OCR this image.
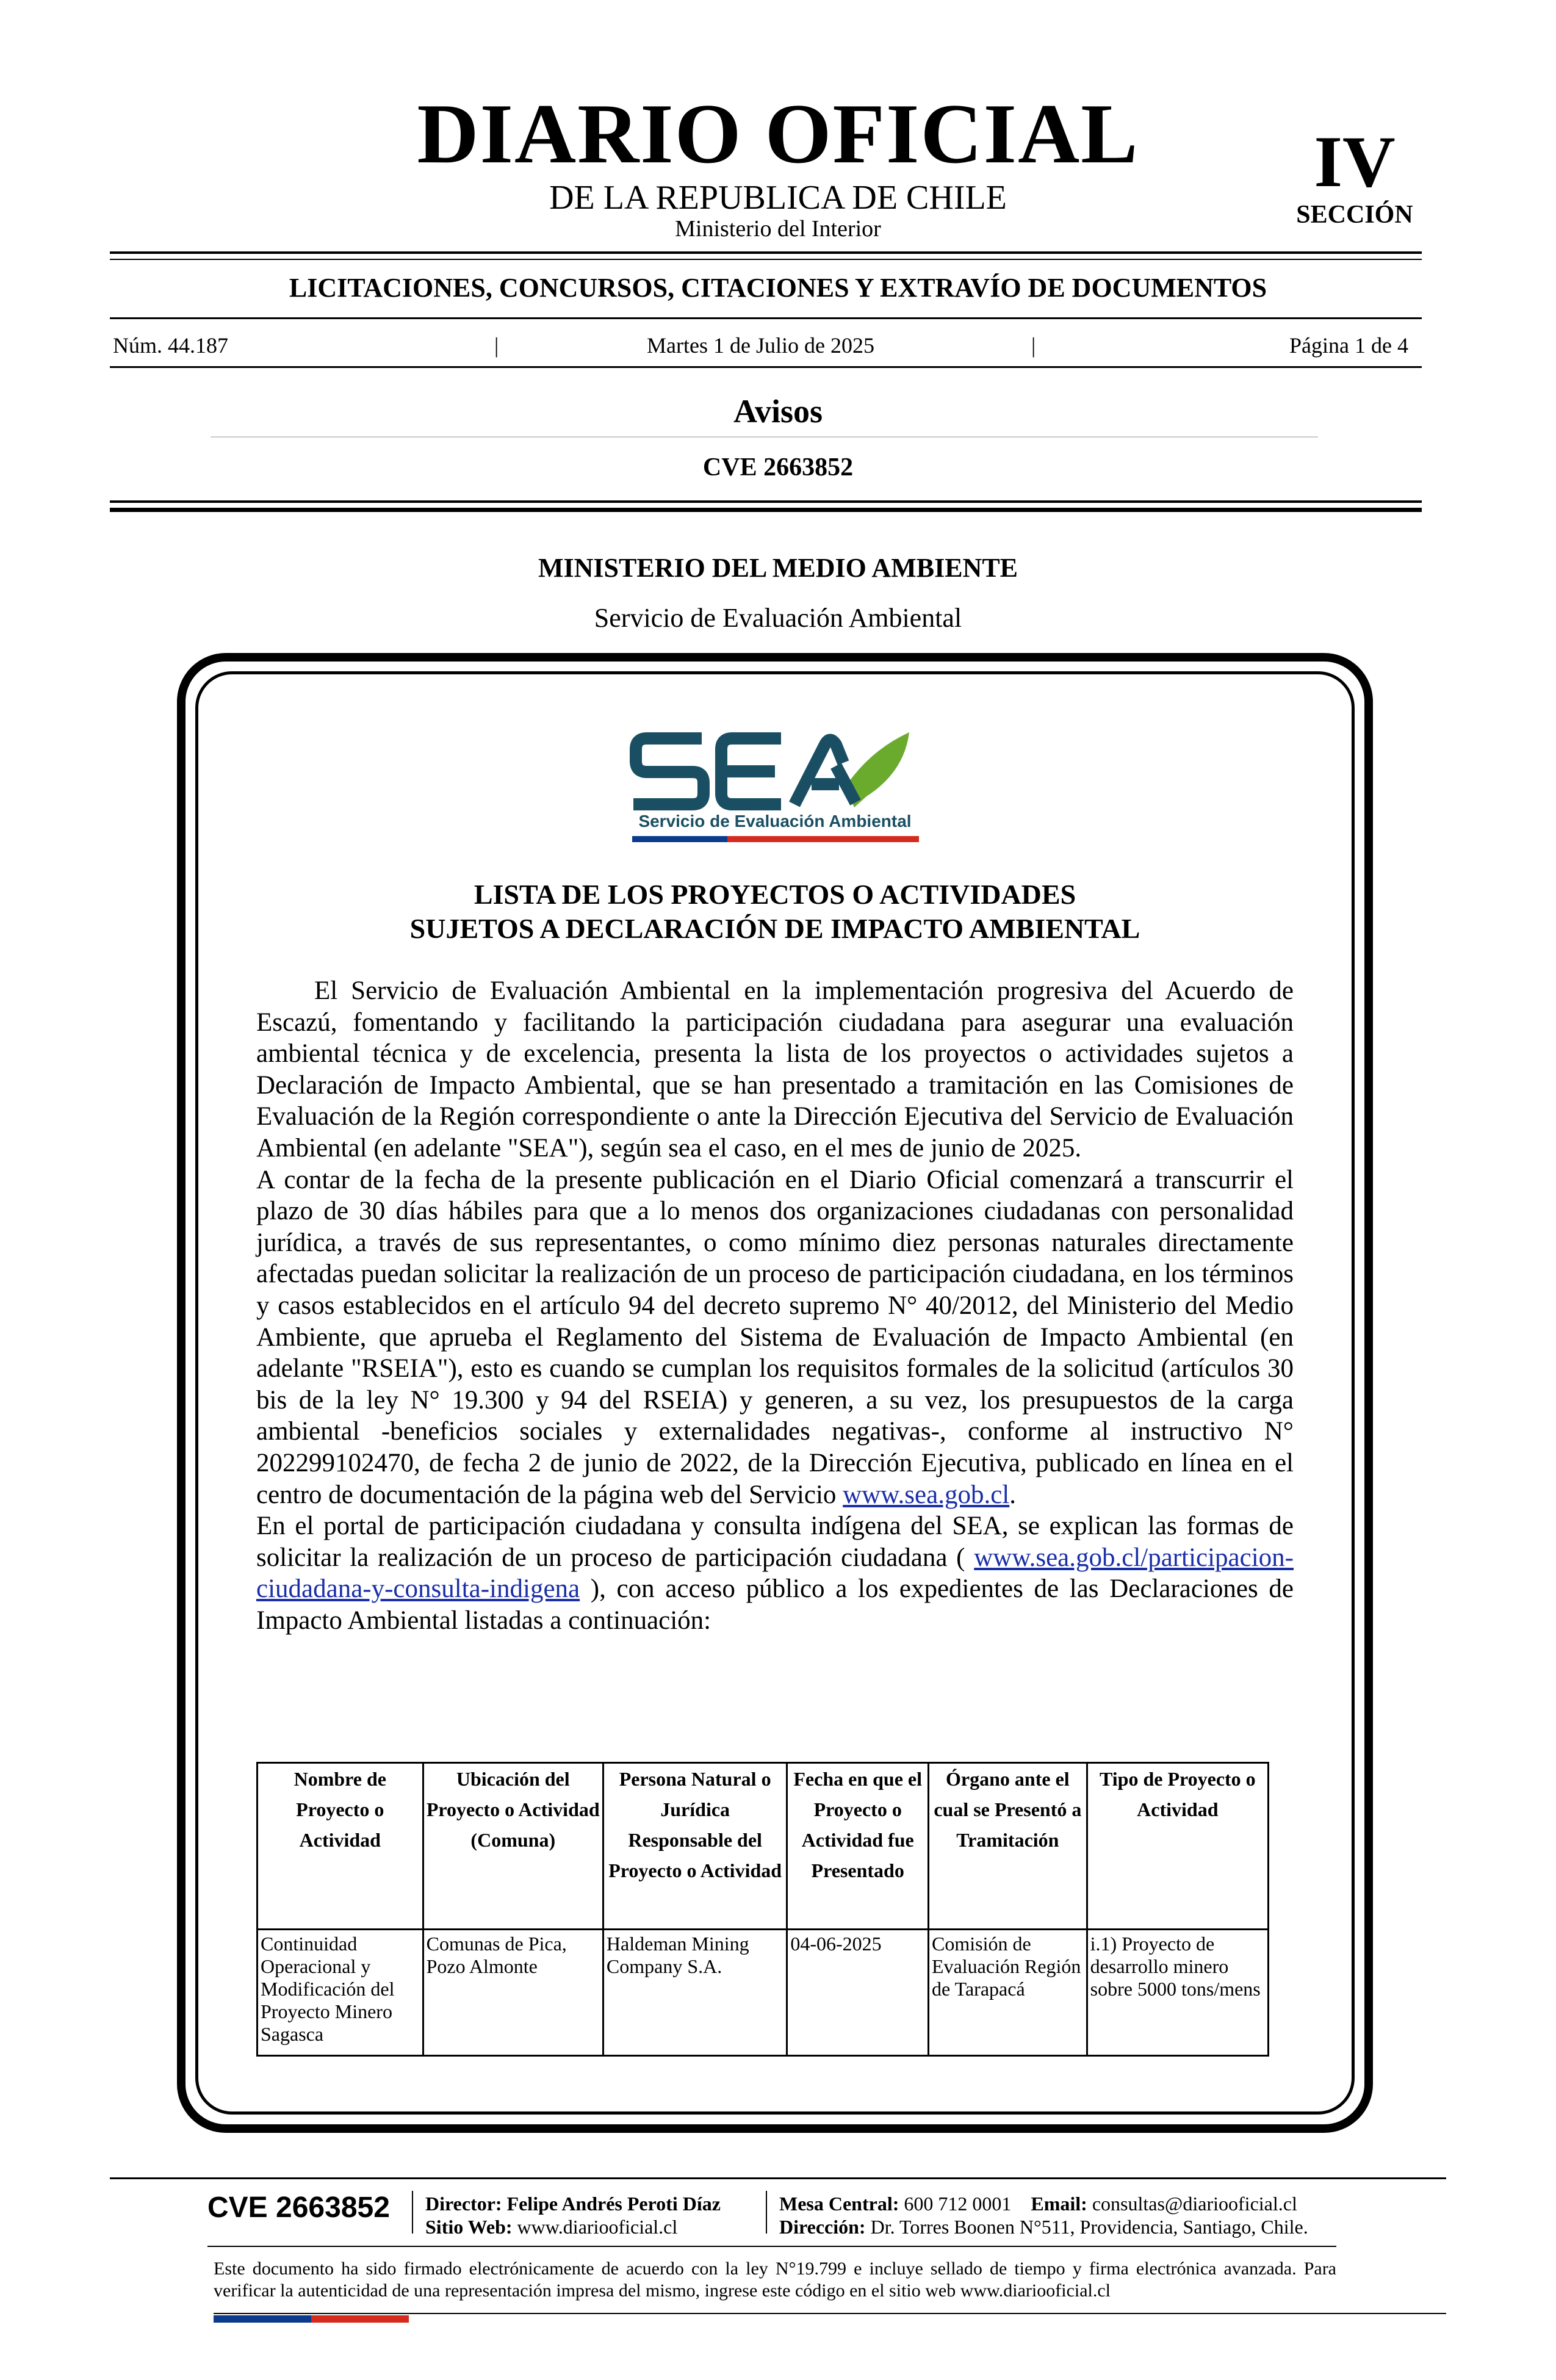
DIARIO OFICIAL
DE LA REPUBLICA DE CHILE
Ministerio del Interior
IV
SECCIÓN
LICITACIONES, CONCURSOS, CITACIONES Y EXTRAVÍO DE DOCUMENTOS
Núm. 44.187	|	Martes 1 de Julio de 2025	|	Página 1 de 4
Avisos
CVE 2663852
MINISTERIO DEL MEDIO AMBIENTE
Servicio de Evaluación Ambiental
Servicio de Evaluación Ambiental
LISTA DE LOS PROYECTOS O ACTIVIDADES
SUJETOS A DECLARACIÓN DE IMPACTO AMBIENTAL

El Servicio de Evaluación Ambiental en la implementación progresiva del Acuerdo de Escazú, fomentando y facilitando la participación ciudadana para asegurar una evaluación ambiental técnica y de excelencia, presenta la lista de los proyectos o actividades sujetos a Declaración de Impacto Ambiental, que se han presentado a tramitación en las Comisiones de Evaluación de la Región correspondiente o ante la Dirección Ejecutiva del Servicio de Evaluación Ambiental (en adelante "SEA"), según sea el caso, en el mes de junio de 2025.

A contar de la fecha de la presente publicación en el Diario Oficial comenzará a transcurrir el plazo de 30 días hábiles para que a lo menos dos organizaciones ciudadanas con personalidad jurídica, a través de sus representantes, o como mínimo diez personas naturales directamente afectadas puedan solicitar la realización de un proceso de participación ciudadana, en los términos y casos establecidos en el artículo 94 del decreto supremo N° 40/2012, del Ministerio del Medio Ambiente, que aprueba el Reglamento del Sistema de Evaluación de Impacto Ambiental (en adelante "RSEIA"), esto es cuando se cumplan los requisitos formales de la solicitud (artículos 30 bis de la ley N° 19.300 y 94 del RSEIA) y generen, a su vez, los presupuestos de la carga ambiental -beneficios sociales y externalidades negativas-, conforme al instructivo N° 202299102470, de fecha 2 de junio de 2022, de la Dirección Ejecutiva, publicado en línea en el centro de documentación de la página web del Servicio www.sea.gob.cl.

En el portal de participación ciudadana y consulta indígena del SEA, se explican las formas de solicitar la realización de un proceso de participación ciudadana ( www.sea.gob.cl/participacion-ciudadana-y-consulta-indigena ), con acceso público a los expedientes de las Declaraciones de Impacto Ambiental listadas a continuación:

Nombre de Proyecto o Actividad	Ubicación del Proyecto o Actividad (Comuna)	Persona Natural o Jurídica Responsable del Proyecto o Actividad	Fecha en que el Proyecto o Actividad fue Presentado	Órgano ante el cual se Presentó a Tramitación	Tipo de Proyecto o Actividad
Continuidad Operacional y Modificación del Proyecto Minero Sagasca	Comunas de Pica, Pozo Almonte	Haldeman Mining Company S.A.	04-06-2025	Comisión de Evaluación Región de Tarapacá	i.1) Proyecto de desarrollo minero sobre 5000 tons/mens
CVE 2663852 Director: Felipe Andrés Peroti Díaz
Sitio Web: www.diariooficial.cl
Mesa Central: 600 712 0001 Email: consultas@diariooficial.cl
Dirección: Dr. Torres Boonen N°511, Providencia, Santiago, Chile.
Este documento ha sido firmado electrónicamente de acuerdo con la ley N°19.799 e incluye sellado de tiempo y firma electrónica avanzada. Para verificar la autenticidad de una representación impresa del mismo, ingrese este código en el sitio web www.diariooficial.cl
